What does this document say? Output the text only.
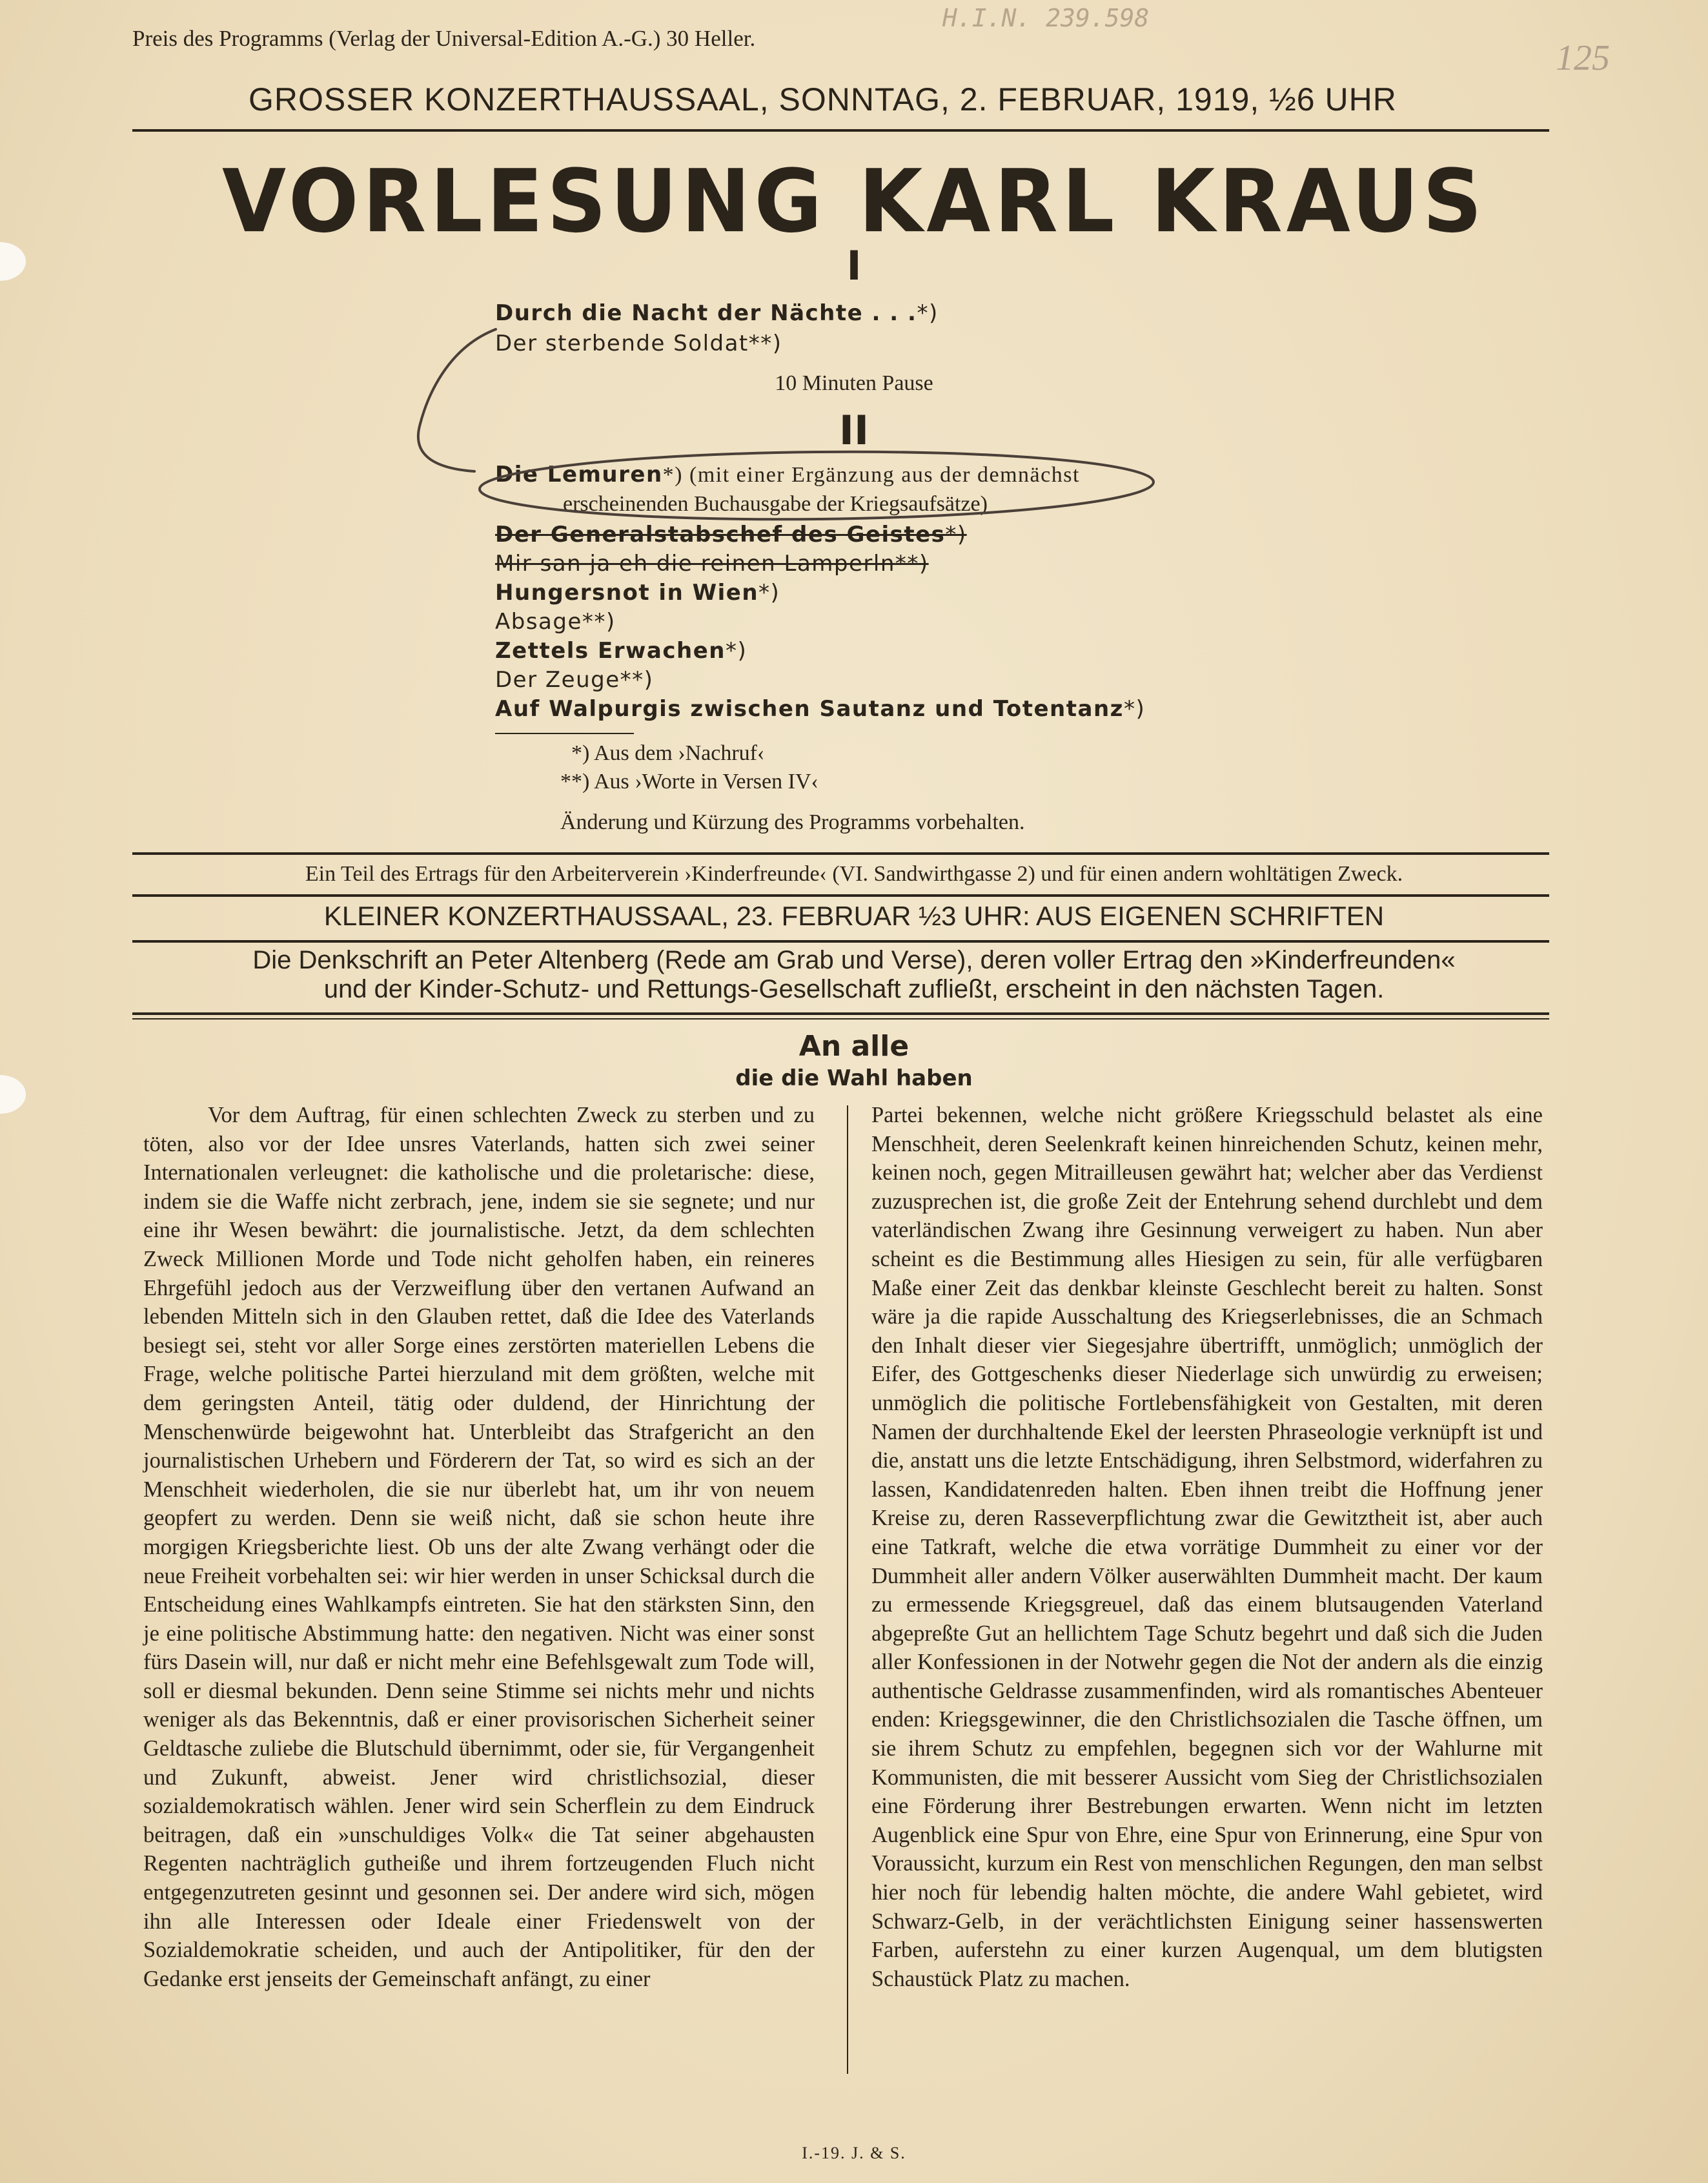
Preis des Programms (Verlag der Universal-Edition A.-G.) 30 Heller.
H.I.N. 239.598
125
GROSSER KONZERTHAUSSAAL, SONNTAG, 2. FEBRUAR, 1919, ½6 UHR
VORLESUNG KARL KRAUS
I
Durch die Nacht der Nächte . . .*)
Der sterbende Soldat**)
10 Minuten Pause
II
Die Lemuren*) (mit einer Ergänzung aus der demnächst
erscheinenden Buchausgabe der Kriegsaufsätze)
Der Generalstabschef des Geistes*)
Mir san ja eh die reinen Lamperln**)
Hungersnot in Wien*)
Absage**)
Zettels Erwachen*)
Der Zeuge**)
Auf Walpurgis zwischen Sautanz und Totentanz*)
*) Aus dem ›Nachruf‹
**) Aus ›Worte in Versen IV‹
Änderung und Kürzung des Programms vorbehalten.
Ein Teil des Ertrags für den Arbeiterverein ›Kinderfreunde‹ (VI. Sandwirthgasse 2) und für einen andern wohltätigen Zweck.
KLEINER KONZERTHAUSSAAL, 23. FEBRUAR ½3 UHR: AUS EIGENEN SCHRIFTEN
Die Denkschrift an Peter Altenberg (Rede am Grab und Verse), deren voller Ertrag den »Kinderfreunden«
und der Kinder-Schutz- und Rettungs-Gesellschaft zufließt, erscheint in den nächsten Tagen.
An alle
die die Wahl haben

Vor dem Auftrag, für einen schlechten Zweck zu sterben und zu töten, also vor der Idee unsres Vaterlands, hatten sich zwei seiner Internationalen verleugnet: die katholische und die proletarische: diese, indem sie die Waffe nicht zerbrach, jene, indem sie sie segnete; und nur eine ihr Wesen bewährt: die journalistische. Jetzt, da dem schlechten Zweck Millionen Morde und Tode nicht geholfen haben, ein reineres Ehrgefühl jedoch aus der Verzweiflung über den vertanen Aufwand an lebenden Mitteln sich in den Glauben rettet, daß die Idee des Vaterlands besiegt sei, steht vor aller Sorge eines zerstörten materiellen Lebens die Frage, welche politische Partei hierzuland mit dem größten, welche mit dem geringsten Anteil, tätig oder duldend, der Hinrichtung der Menschenwürde beigewohnt hat. Unterbleibt das Strafgericht an den journalistischen Urhebern und Förderern der Tat, so wird es sich an der Menschheit wiederholen, die sie nur überlebt hat, um ihr von neuem geopfert zu werden. Denn sie weiß nicht, daß sie schon heute ihre morgigen Kriegsberichte liest. Ob uns der alte Zwang verhängt oder die neue Freiheit vorbehalten sei: wir hier werden in unser Schicksal durch die Entscheidung eines Wahlkampfs eintreten. Sie hat den stärksten Sinn, den je eine politische Abstimmung hatte: den negativen. Nicht was einer sonst fürs Dasein will, nur daß er nicht mehr eine Befehlsgewalt zum Tode will, soll er diesmal bekunden. Denn seine Stimme sei nichts mehr und nichts weniger als das Bekenntnis, daß er einer provisorischen Sicherheit seiner Geldtasche zuliebe die Blutschuld übernimmt, oder sie, für Vergangenheit und Zukunft, abweist. Jener wird christlichsozial, dieser sozialdemokratisch wählen. Jener wird sein Scherflein zu dem Eindruck beitragen, daß ein »unschuldiges Volk« die Tat seiner abgehausten Regenten nachträglich gutheiße und ihrem fortzeugenden Fluch nicht entgegenzutreten gesinnt und gesonnen sei. Der andere wird sich, mögen ihn alle Interessen oder Ideale einer Friedenswelt von der Sozialdemokratie scheiden, und auch der Antipolitiker, für den der Gedanke erst jenseits der Gemeinschaft anfängt, zu einer

Partei bekennen, welche nicht größere Kriegsschuld belastet als eine Menschheit, deren Seelenkraft keinen hinreichenden Schutz, keinen mehr, keinen noch, gegen Mitrailleusen gewährt hat; welcher aber das Verdienst zuzusprechen ist, die große Zeit der Entehrung sehend durchlebt und dem vaterländischen Zwang ihre Gesinnung verweigert zu haben. Nun aber scheint es die Bestimmung alles Hiesigen zu sein, für alle verfügbaren Maße einer Zeit das denkbar kleinste Geschlecht bereit zu halten. Sonst wäre ja die rapide Ausschaltung des Kriegserlebnisses, die an Schmach den Inhalt dieser vier Siegesjahre übertrifft, unmöglich; unmöglich der Eifer, des Gottgeschenks dieser Niederlage sich unwürdig zu erweisen; unmöglich die politische Fortlebensfähigkeit von Gestalten, mit deren Namen der durchhaltende Ekel der leersten Phraseologie verknüpft ist und die, anstatt uns die letzte Entschädigung, ihren Selbstmord, widerfahren zu lassen, Kandidatenreden halten. Eben ihnen treibt die Hoffnung jener Kreise zu, deren Rasseverpflichtung zwar die Gewitztheit ist, aber auch eine Tatkraft, welche die etwa vorrätige Dummheit zu einer vor der Dummheit aller andern Völker auserwählten Dummheit macht. Der kaum zu ermessende Kriegsgreuel, daß das einem blutsaugenden Vaterland abgepreßte Gut an hellichtem Tage Schutz begehrt und daß sich die Juden aller Konfessionen in der Notwehr gegen die Not der andern als die einzig authentische Geldrasse zusammenfinden, wird als romantisches Abenteuer enden: Kriegsgewinner, die den Christlichsozialen die Tasche öffnen, um sie ihrem Schutz zu empfehlen, begegnen sich vor der Wahlurne mit Kommunisten, die mit besserer Aussicht vom Sieg der Christlichsozialen eine Förderung ihrer Bestrebungen erwarten. Wenn nicht im letzten Augenblick eine Spur von Ehre, eine Spur von Erinnerung, eine Spur von Voraussicht, kurzum ein Rest von menschlichen Regungen, den man selbst hier noch für lebendig halten möchte, die andere Wahl gebietet, wird Schwarz-Gelb, in der verächtlichsten Einigung seiner hassenswerten Farben, auferstehn zu einer kurzen Augenqual, um dem blutigsten Schaustück Platz zu machen.

I.-19. J. & S.
